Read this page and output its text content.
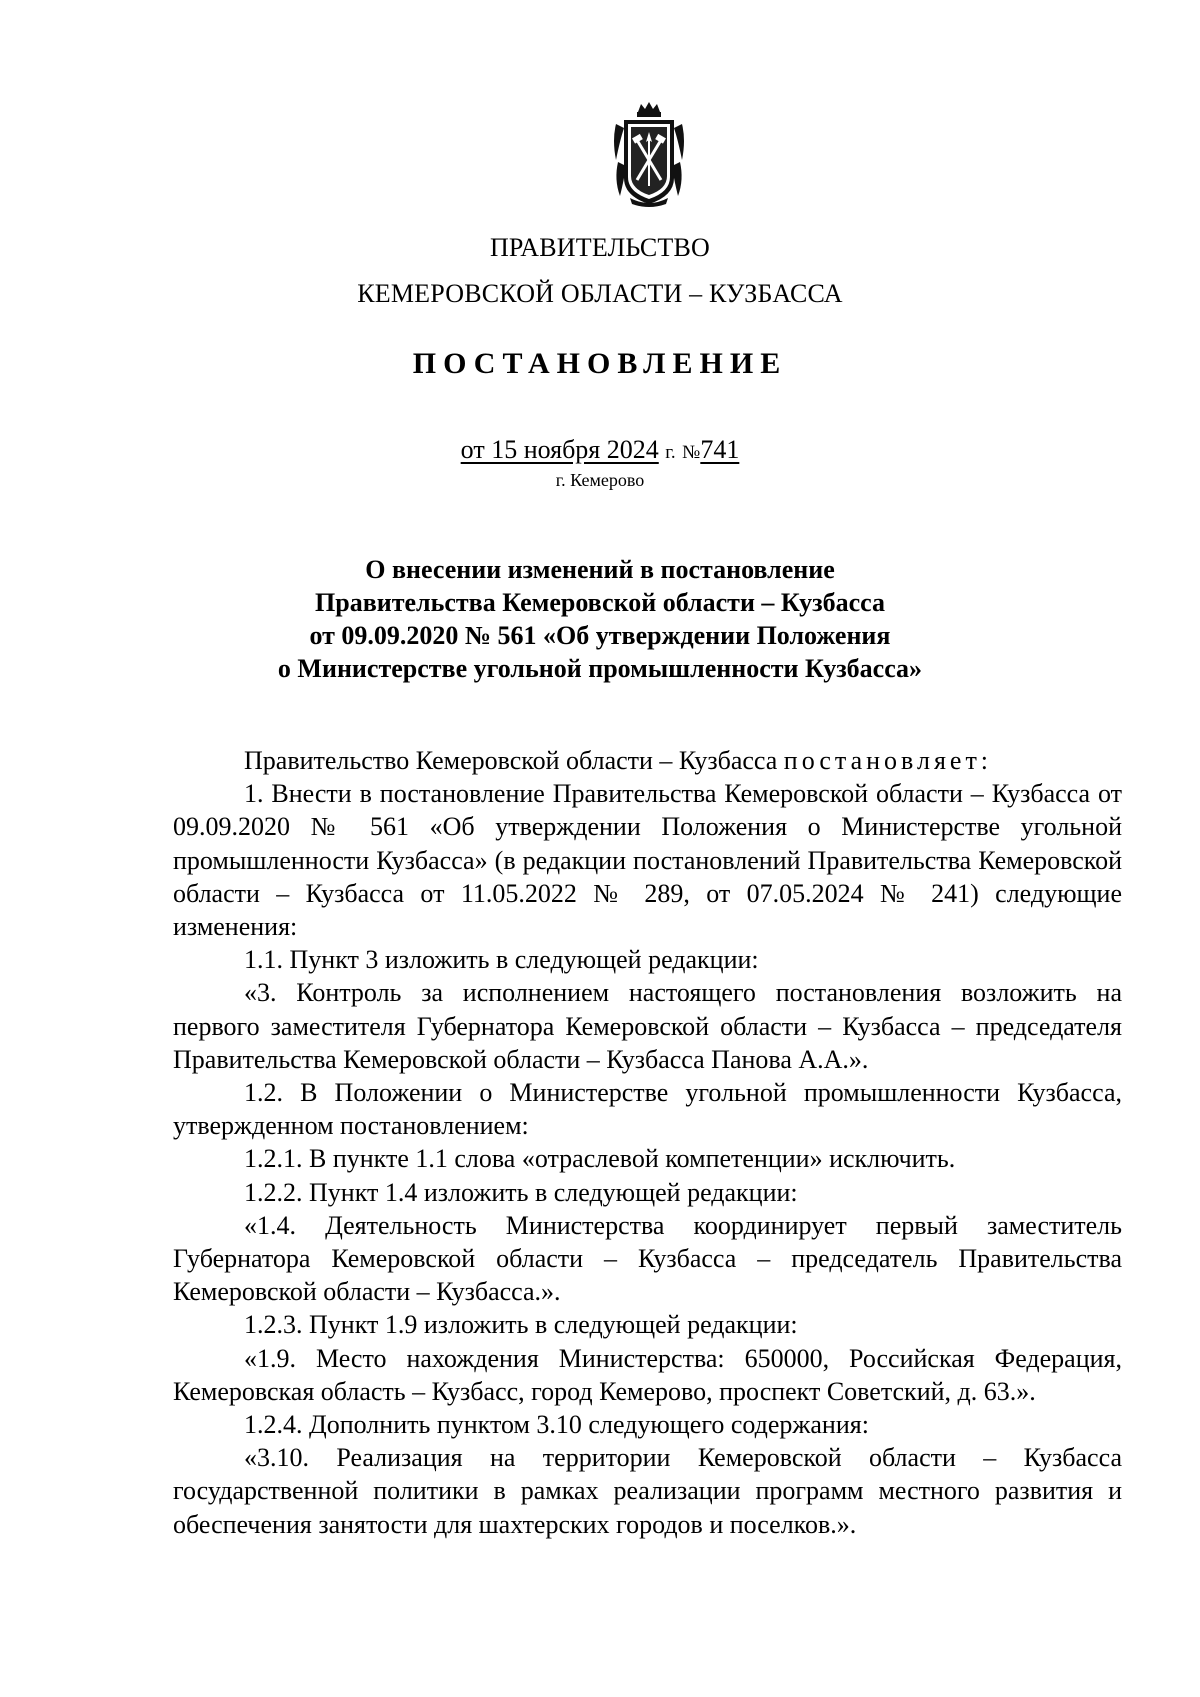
ПРАВИТЕЛЬСТВО
КЕМЕРОВСКОЙ ОБЛАСТИ – КУЗБАССА
ПОСТАНОВЛЕНИЕ
от 15 ноября 2024 г. №741
г. Кемерово
О внесении изменений в постановление
Правительства Кемеровской области – Кузбасса
от 09.09.2020 № 561 «Об утверждении Положения
о Министерстве угольной промышленности Кузбасса»

Правительство Кемеровской области – Кузбасса постановляет:

1. Внести в постановление Правительства Кемеровской области – Кузбасса от 09.09.2020 № 561 «Об утверждении Положения о Министерстве угольной промышленности Кузбасса» (в редакции постановлений Правительства Кемеровской области – Кузбасса от 11.05.2022 № 289, от 07.05.2024 № 241) следующие изменения:

1.1. Пункт 3 изложить в следующей редакции:

«3. Контроль за исполнением настоящего постановления возложить на первого заместителя Губернатора Кемеровской области – Кузбасса – председателя Правительства Кемеровской области – Кузбасса Панова А.А.».

1.2. В Положении о Министерстве угольной промышленности Кузбасса, утвержденном постановлением:

1.2.1. В пункте 1.1 слова «отраслевой компетенции» исключить.

1.2.2. Пункт 1.4 изложить в следующей редакции:

«1.4. Деятельность Министерства координирует первый заместитель Губернатора Кемеровской области – Кузбасса – председатель Правительства Кемеровской области – Кузбасса.».

1.2.3. Пункт 1.9 изложить в следующей редакции:

«1.9. Место нахождения Министерства: 650000, Российская Федерация, Кемеровская область – Кузбасс, город Кемерово, проспект Советский, д. 63.».

1.2.4. Дополнить пунктом 3.10 следующего содержания:

«3.10. Реализация на территории Кемеровской области – Кузбасса государственной политики в рамках реализации программ местного развития и обеспечения занятости для шахтерских городов и поселков.».
